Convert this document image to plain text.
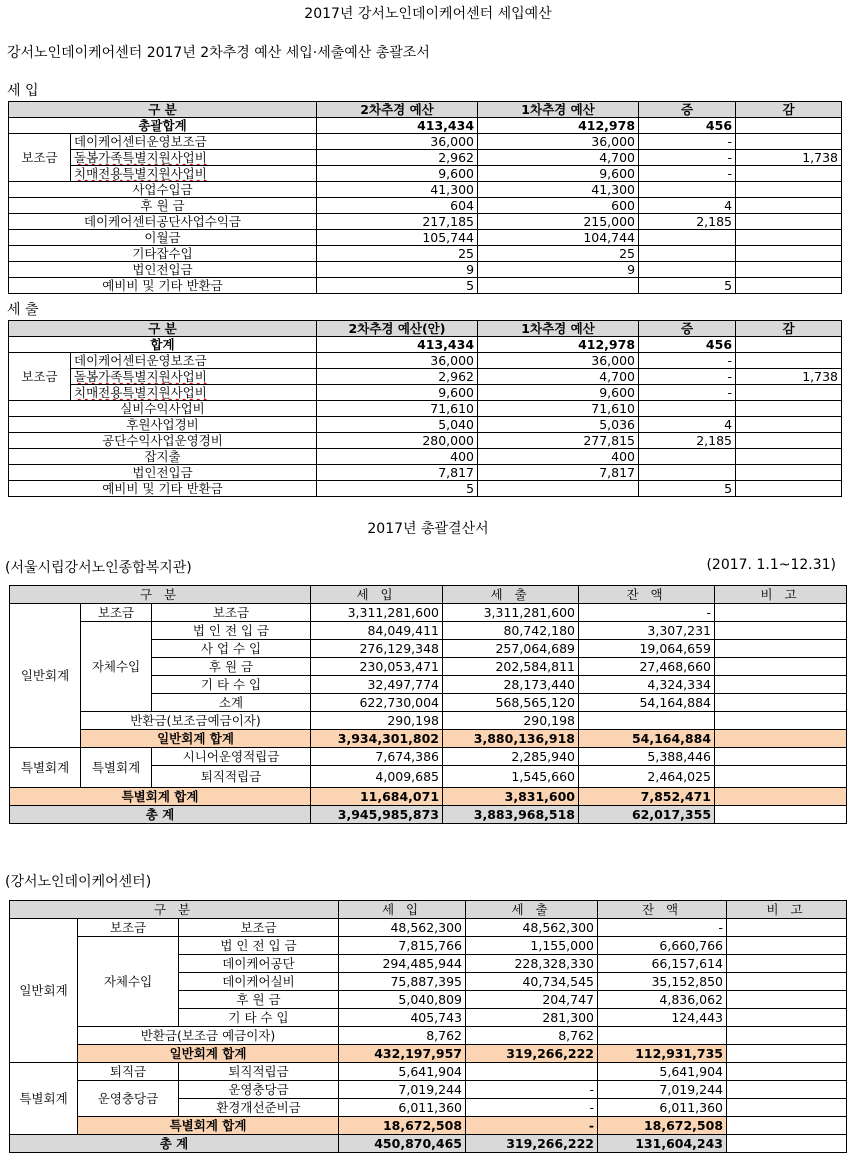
2017년 강서노인데이케어센터 세입예산
강서노인데이케어센터 2017년 2차추경 예산 세입·세출예산 총괄조서
세 입
구 분		2차추경 예산	1차추경 예산	증	감
총괄합계		413,434	412,978	456	
보조금	데이케어센터운영보조금	36,000	36,000	-	
	돌봄가족특별지원사업비	2,962	4,700	-	1,738
	치매전용특별지원사업비	9,600	9,600	-	
사업수입금		41,300	41,300		
후 원 금		604	600	4	
데이케어센터공단사업수익금		217,185	215,000	2,185	
이월금		105,744	104,744		
기타잡수입		25	25		
법인전입금		9	9		
예비비 및 기타 반환금		5		5	
세 출
구 분		2차추경 예산(안)	1차추경 예산	증	감
합계		413,434	412,978	456	
보조금	데이케어센터운영보조금	36,000	36,000	-	
	돌봄가족특별지원사업비	2,962	4,700	-	1,738
	치매전용특별지원사업비	9,600	9,600	-	
실비수익사업비		71,610	71,610		
후원사업경비		5,040	5,036	4	
공단수익사업운영경비		280,000	277,815	2,185	
잡지출		400	400		
법인전입금		7,817	7,817		
예비비 및 기타 반환금		5		5	
2017년 총괄결산서
(서울시립강서노인종합복지관)	(2017. 1.1~12.31)
구 분			세 입	세 출	잔 액	비 고
일반회계	보조금	보조금	3,311,281,600	3,311,281,600	-	
	자체수입	법 인 전 입 금	84,049,411	80,742,180	3,307,231	
		사 업 수 입	276,129,348	257,064,689	19,064,659	
		후 원 금	230,053,471	202,584,811	27,468,660	
		기 타 수 입	32,497,774	28,173,440	4,324,334	
		소계	622,730,004	568,565,120	54,164,884	
	반환금(보조금예금이자)		290,198	290,198		
	일반회계 합계		3,934,301,802	3,880,136,918	54,164,884	
특별회계	특별회계	시니어운영적립금	7,674,386	2,285,940	5,388,446	
		퇴직적립금	4,009,685	1,545,660	2,464,025	
특별회계 합계			11,684,071	3,831,600	7,852,471	
총 계			3,945,985,873	3,883,968,518	62,017,355	
(강서노인데이케어센터)
구 분			세 입	세 출	잔 액	비 고
일반회계	보조금	보조금	48,562,300	48,562,300	-	
	자체수입	법 인 전 입 금	7,815,766	1,155,000	6,660,766	
		데이케어공단	294,485,944	228,328,330	66,157,614	
		데이케어실비	75,887,395	40,734,545	35,152,850	
		후 원 금	5,040,809	204,747	4,836,062	
		기 타 수 입	405,743	281,300	124,443	
	반환금(보조금 예금이자)		8,762	8,762		
	일반회계 합계		432,197,957	319,266,222	112,931,735	
특별회계	퇴직금	퇴직적립금	5,641,904		5,641,904	
	운영충당금	운영충당금	7,019,244	-	7,019,244	
		환경개선준비금	6,011,360	-	6,011,360	
	특별회계 합계		18,672,508	-	18,672,508	
총 계			450,870,465	319,266,222	131,604,243	
